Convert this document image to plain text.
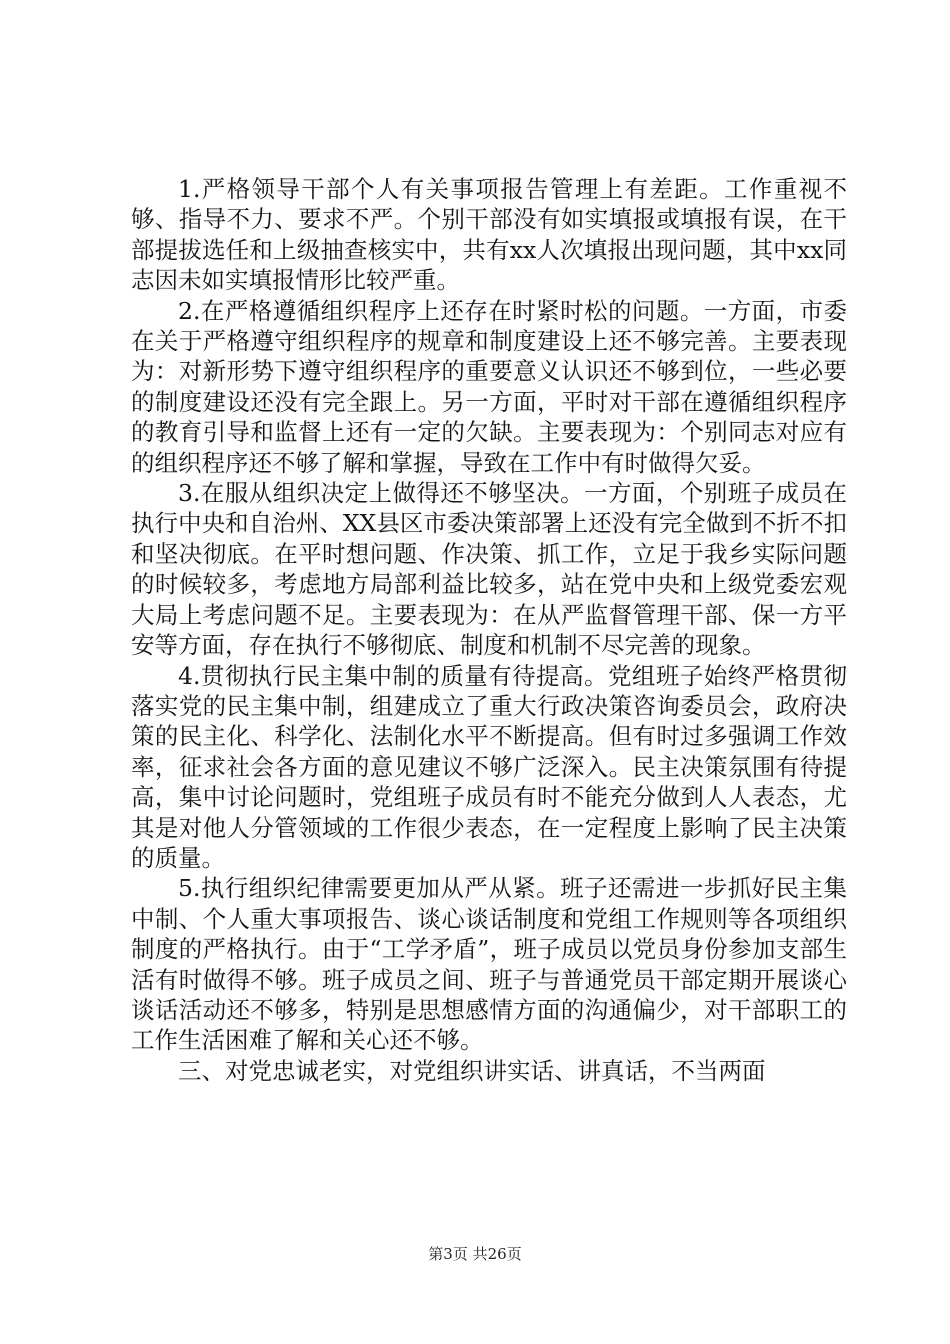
1.严格领导干部个人有关事项报告管理上有差距。工作重视不够、指导不力、要求不严。个别干部没有如实填报或填报有误，在干部提拔选任和上级抽查核实中，共有xx人次填报出现问题，其中xx同志因未如实填报情形比较严重。

2.在严格遵循组织程序上还存在时紧时松的问题。一方面，市委在关于严格遵守组织程序的规章和制度建设上还不够完善。主要表现为：对新形势下遵守组织程序的重要意义认识还不够到位，一些必要的制度建设还没有完全跟上。另一方面，平时对干部在遵循组织程序的教育引导和监督上还有一定的欠缺。主要表现为：个别同志对应有的组织程序还不够了解和掌握，导致在工作中有时做得欠妥。

3.在服从组织决定上做得还不够坚决。一方面，个别班子成员在执行中央和自治州、XX县区市委决策部署上还没有完全做到不折不扣和坚决彻底。在平时想问题、作决策、抓工作，立足于我乡实际问题的时候较多，考虑地方局部利益比较多，站在党中央和上级党委宏观大局上考虑问题不足。主要表现为：在从严监督管理干部、保一方平安等方面，存在执行不够彻底、制度和机制不尽完善的现象。

4.贯彻执行民主集中制的质量有待提高。党组班子始终严格贯彻落实党的民主集中制，组建成立了重大行政决策咨询委员会，政府决策的民主化、科学化、法制化水平不断提高。但有时过多强调工作效率，征求社会各方面的意见建议不够广泛深入。民主决策氛围有待提高，集中讨论问题时，党组班子成员有时不能充分做到人人表态，尤其是对他人分管领域的工作很少表态，在一定程度上影响了民主决策的质量。

5.执行组织纪律需要更加从严从紧。班子还需进一步抓好民主集中制、个人重大事项报告、谈心谈话制度和党组工作规则等各项组织制度的严格执行。由于“工学矛盾”，班子成员以党员身份参加支部生活有时做得不够。班子成员之间、班子与普通党员干部定期开展谈心谈话活动还不够多，特别是思想感情方面的沟通偏少，对干部职工的工作生活困难了解和关心还不够。

三、对党忠诚老实，对党组织讲实话、讲真话，不当两面

第3页 共26页
